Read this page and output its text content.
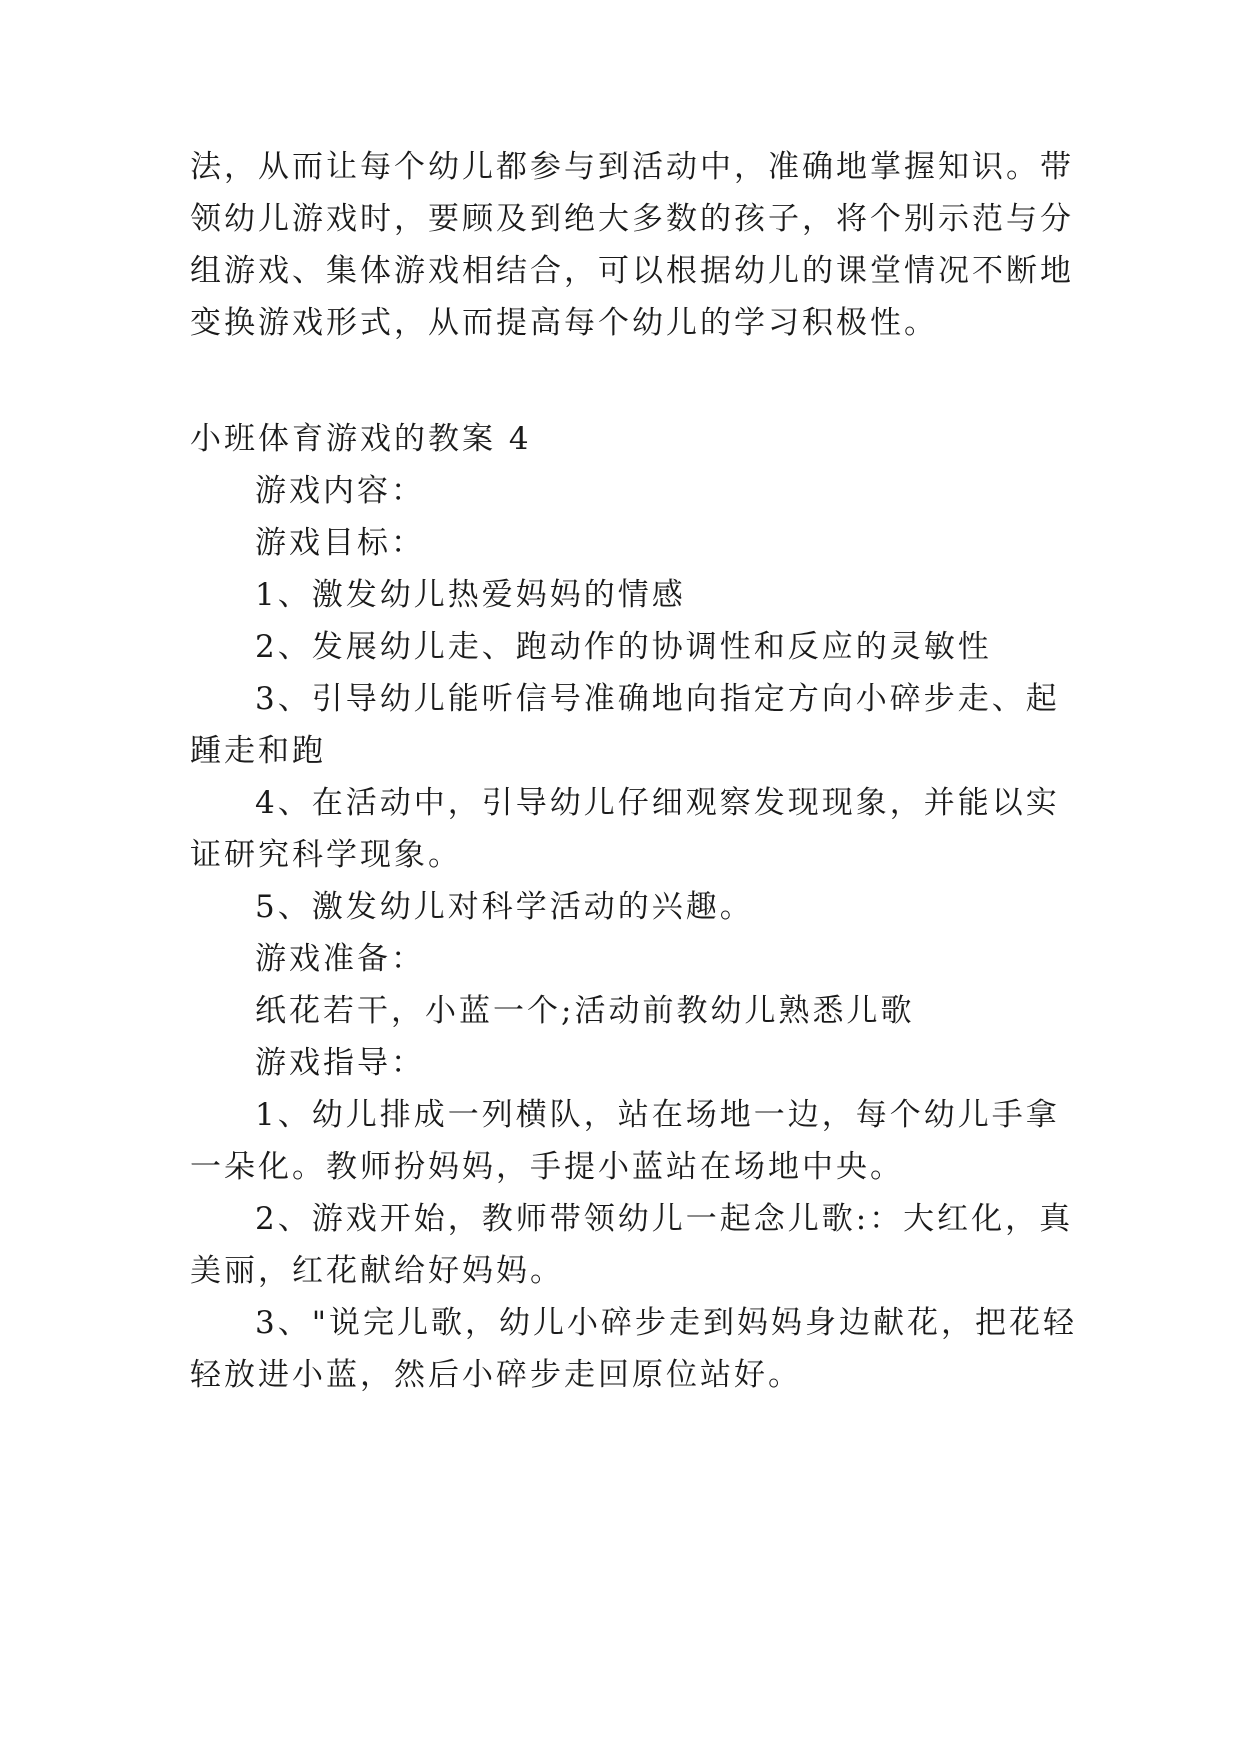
法，从而让每个幼儿都参与到活动中，准确地掌握知识。带
领幼儿游戏时，要顾及到绝大多数的孩子，将个别示范与分
组游戏、集体游戏相结合，可以根据幼儿的课堂情况不断地
变换游戏形式，从而提高每个幼儿的学习积极性。
小班体育游戏的教案 4
游戏内容：
游戏目标：
1、激发幼儿热爱妈妈的情感
2、发展幼儿走、跑动作的协调性和反应的灵敏性
3、引导幼儿能听信号准确地向指定方向小碎步走、起
踵走和跑
4、在活动中，引导幼儿仔细观察发现现象，并能以实
证研究科学现象。
5、激发幼儿对科学活动的兴趣。
游戏准备：
纸花若干，小蓝一个;活动前教幼儿熟悉儿歌
游戏指导：
1、幼儿排成一列横队，站在场地一边，每个幼儿手拿
一朵化。教师扮妈妈，手提小蓝站在场地中央。
2、游戏开始，教师带领幼儿一起念儿歌:：大红化，真
美丽，红花献给好妈妈。
3、"说完儿歌，幼儿小碎步走到妈妈身边献花，把花轻
轻放进小蓝，然后小碎步走回原位站好。
